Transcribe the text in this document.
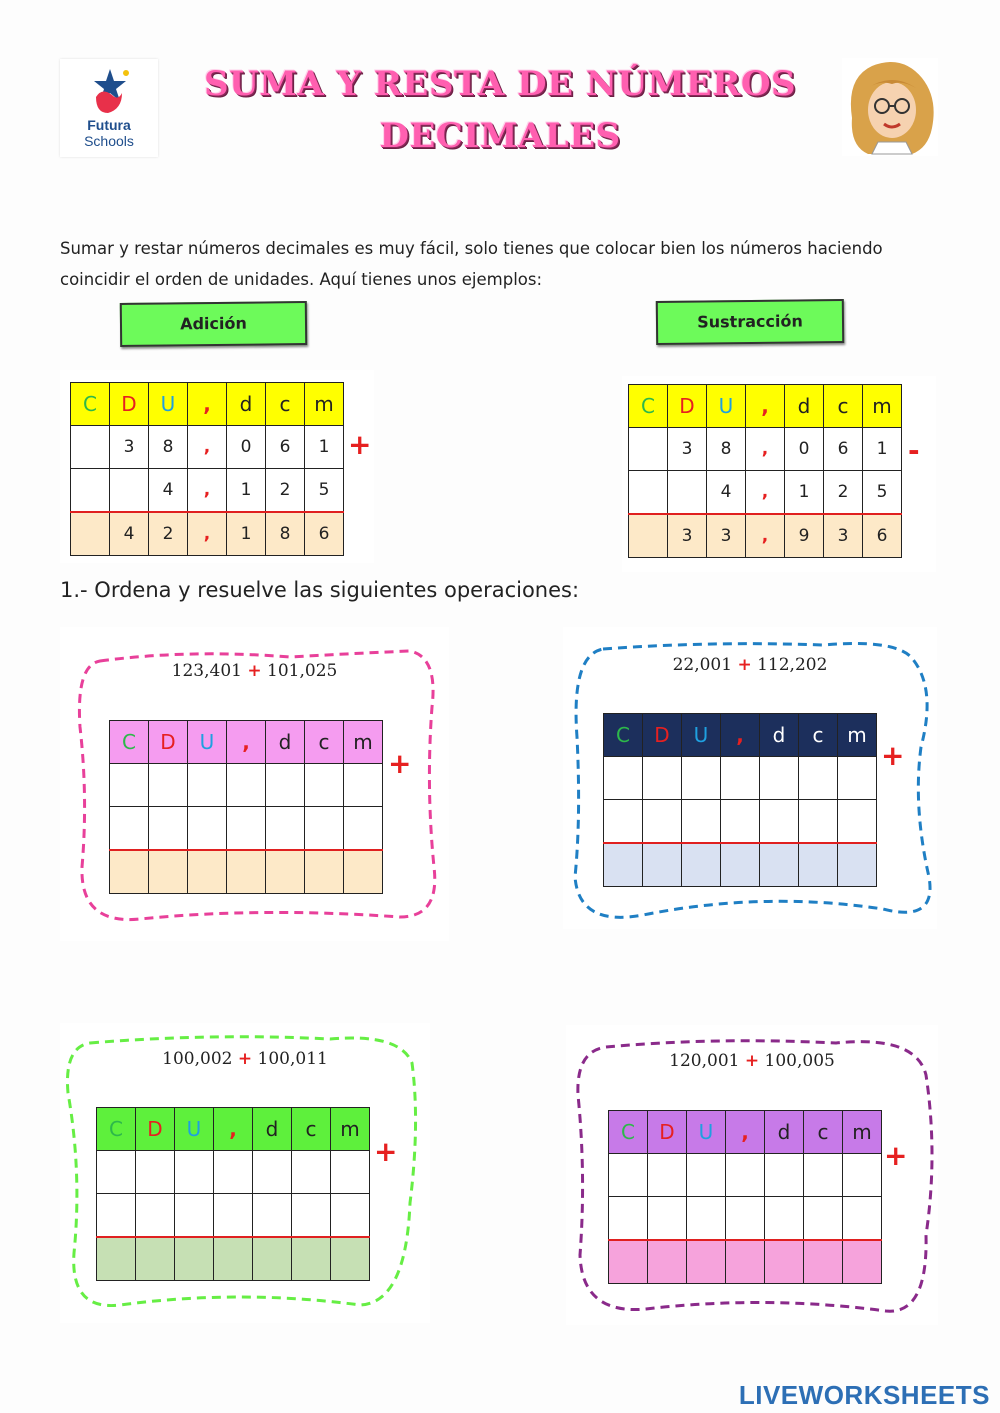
Futura
Schools
SUMA Y RESTA DE NÚMEROS
DECIMALES
Sumar y restar números decimales es muy fácil, solo tienes que colocar bien los números haciendo coincidir el orden de unidades. Aquí tienes unos ejemplos:
Adición	Sustracción
C	D	U	,	d	c	m
	3	8	,	0	6	1
		4	,	1	2	5
	4	2	,	1	8	6
+
C	D	U	,	d	c	m
	3	8	,	0	6	1
		4	,	1	2	5
	3	3	,	9	3	6
-
1.- Ordena y resuelve las siguientes operaciones:
123,401 + 101,025
C	D	U	,	d	c	m

+
22,001 + 112,202
C	D	U	,	d	c	m

+
100,002 + 100,011
C	D	U	,	d	c	m

+
120,001 + 100,005
C	D	U	,	d	c	m

+
LIVEWORKSHEETS
